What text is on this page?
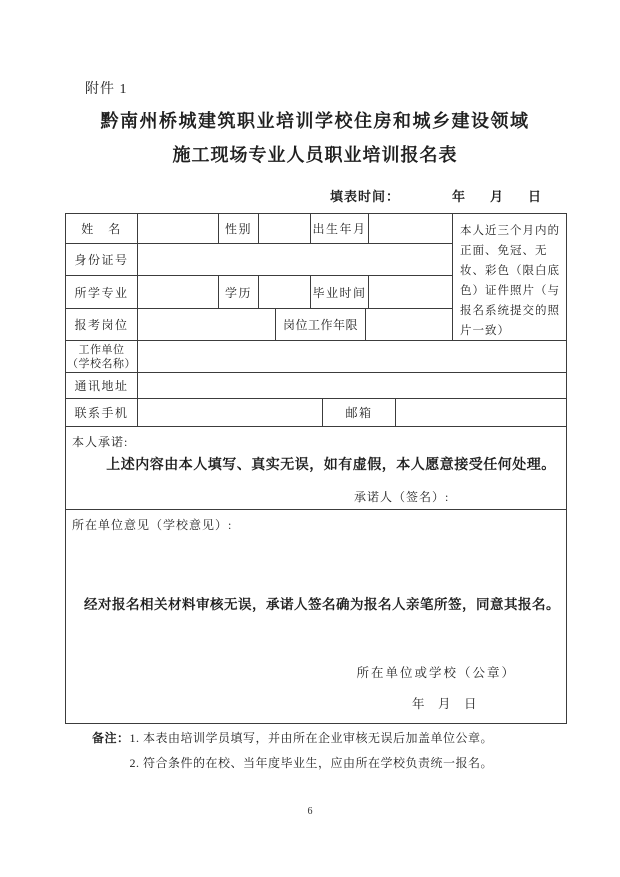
附件 1
黔南州桥城建筑职业培训学校住房和城乡建设领域
施工现场专业人员职业培训报名表
填表时间：	年 月 日
姓　名	性别	出生年月	本人近三个月内的正面、免冠、无妆、彩色（限白底色）证件照片（与报名系统提交的照片一致）
身份证号
所学专业	学历	毕业时间
报考岗位	岗位工作年限
工作单位
（学校名称）
通讯地址
联系手机	邮箱
本人承诺:
上述内容由本人填写、真实无误，如有虚假，本人愿意接受任何处理。
承诺人（签名）:
所在单位意见（学校意见）:
经对报名相关材料审核无误，承诺人签名确为报名人亲笔所签，同意其报名。
所在单位或学校（公章）
年 月 日
备注： 1. 本表由培训学员填写，并由所在企业审核无误后加盖单位公章。
2. 符合条件的在校、当年度毕业生，应由所在学校负责统一报名。
6
